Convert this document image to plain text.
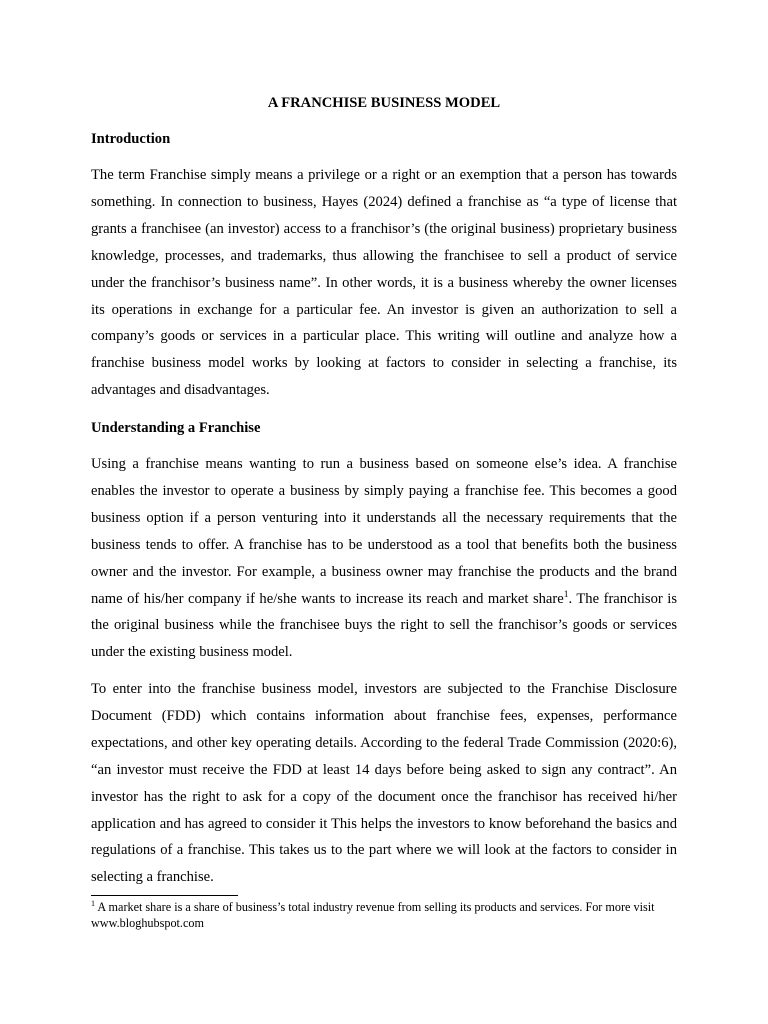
A FRANCHISE BUSINESS MODEL
Introduction

The term Franchise simply means a privilege or a right or an exemption that a person has towards something. In connection to business, Hayes (2024) defined a franchise as “a type of license that grants a franchisee (an investor) access to a franchisor’s (the original business) proprietary business knowledge, processes, and trademarks, thus allowing the franchisee to sell a product of service under the franchisor’s business name”. In other words, it is a business whereby the owner licenses its operations in exchange for a particular fee. An investor is given an authorization to sell a company’s goods or services in a particular place. This writing will outline and analyze how a franchise business model works by looking at factors to consider in selecting a franchise, its advantages and disadvantages.

Understanding a Franchise

Using a franchise means wanting to run a business based on someone else’s idea. A franchise enables the investor to operate a business by simply paying a franchise fee. This becomes a good business option if a person venturing into it understands all the necessary requirements that the business tends to offer. A franchise has to be understood as a tool that benefits both the business owner and the investor. For example, a business owner may franchise the products and the brand name of his/her company if he/she wants to increase its reach and market share$^1$. The franchisor is the original business while the franchisee buys the right to sell the franchisor’s goods or services under the existing business model.

To enter into the franchise business model, investors are subjected to the Franchise Disclosure Document (FDD) which contains information about franchise fees, expenses, performance expectations, and other key operating details. According to the federal Trade Commission (2020:6), “an investor must receive the FDD at least 14 days before being asked to sign any contract”. An investor has the right to ask for a copy of the document once the franchisor has received hi/her application and has agreed to consider it This helps the investors to know beforehand the basics and regulations of a franchise. This takes us to the part where we will look at the factors to consider in selecting a franchise.

$^1$ A market share is a share of business’s total industry revenue from selling its products and services. For more visit www.bloghubspot.com
